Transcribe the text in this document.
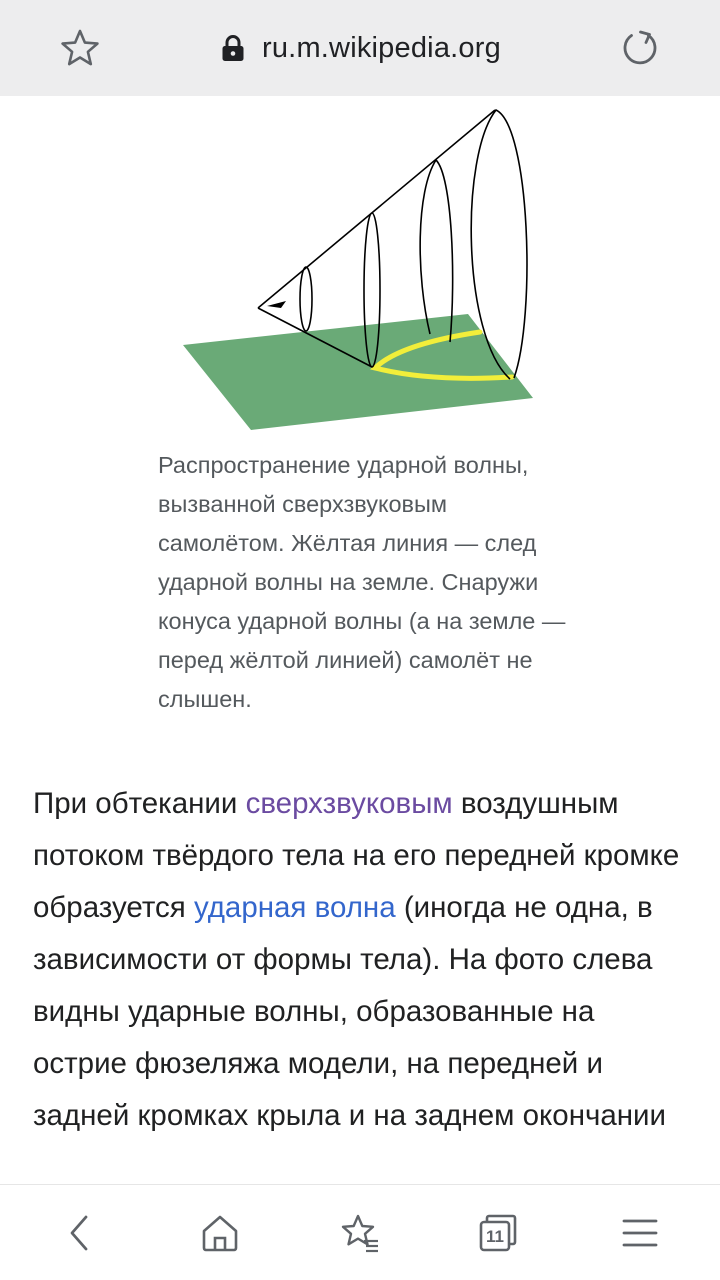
ru.m.wikipedia.org

Распространение ударной волны, вызванной сверхзвуковым самолётом. Жёлтая линия — след ударной волны на земле. Снаружи конуса ударной волны (а на земле — перед жёлтой линией) самолёт не слышен.

При обтекании сверхзвуковым воздушным потоком твёрдого тела на его передней кромке образуется ударная волна (иногда не одна, в зависимости от формы тела). На фото слева видны ударные волны, образованные на острие фюзеляжа модели, на передней и задней кромках крыла и на заднем окончании

11
